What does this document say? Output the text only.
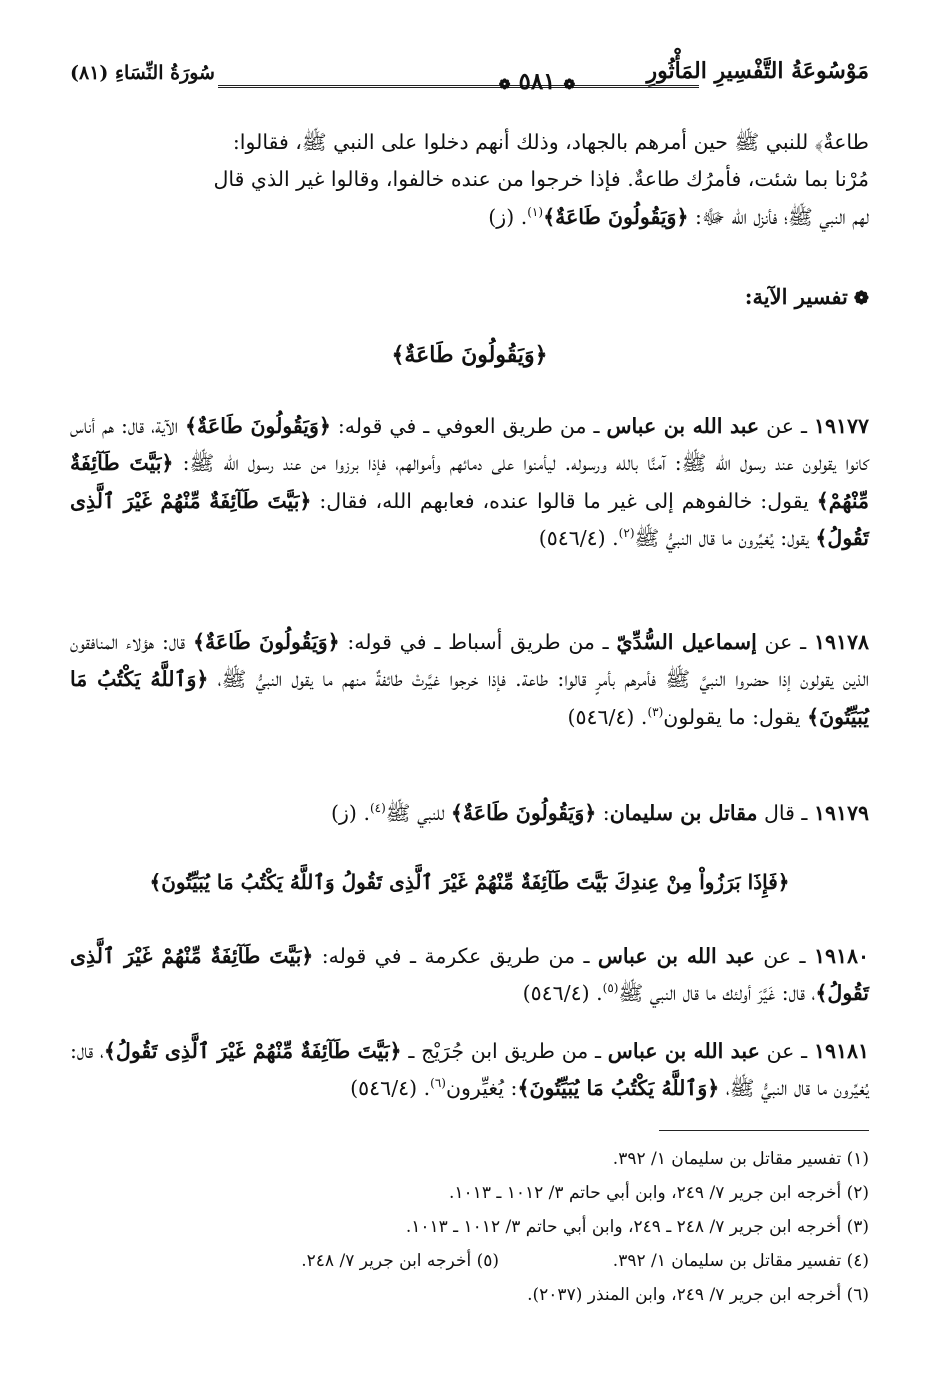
مَوْسُوعَةُ التَّفْسِيرِ المَأْثُورِ
❁ ٥٨١ ❁
سُورَةُ النِّسَاءِ (٨١)

طاعةٌ﴾ للنبي ﷺ حين أمرهم بالجهاد، وذلك أنهم دخلوا على النبي ﷺ، فقالوا:

مُرْنا بما شئت، فأمرُك طاعةٌ. فإذا خرجوا من عنده خالفوا، وقالوا غير الذي قال

لهم النبي ﷺ؛ فأنزل الله ﷻ: ﴿وَيَقُولُونَ طَاعَةٌ﴾$^{(١)}$. (ز)

❁تفسير الآية:
﴿وَيَقُولُونَ طَاعَةٌ﴾

١٩١٧٧ ـ عن عبد الله بن عباس ـ من طريق العوفي ـ في قوله: ﴿وَيَقُولُونَ طَاعَةٌ﴾ الآية، قال: هم أناس كانوا يقولون عند رسول الله ﷺ: آمنَّا بالله ورسوله. ليأمنوا على دمائهم وأموالهم، فإذا برزوا من عند رسول الله ﷺ: ﴿بَيَّتَ طَآئِفَةٌ مِّنْهُمْ﴾ يقول: خالفوهم إلى غير ما قالوا عنده، فعابهم الله، فقال: ﴿بَيَّتَ طَآئِفَةٌ مِّنْهُمْ غَيْرَ ٱلَّذِى تَقُولُ﴾ يقول: يُغيِّرون ما قال النبيُّ ﷺ$^{(٢)}$. (٥٤٦/٤)

١٩١٧٨ ـ عن إسماعيل السُّدِّيّ ـ من طريق أسباط ـ في قوله: ﴿وَيَقُولُونَ طَاعَةٌ﴾ قال: هؤلاء المنافقون الذين يقولون إذا حضروا النبيَّ ﷺ فأمرهم بأمرٍ قالوا: طاعة. فإذا خرجوا غيَّرتْ طائفةٌ منهم ما يقول النبيُّ ﷺ، ﴿وَٱللَّهُ يَكْتُبُ مَا يُبَيِّتُونَ﴾ يقول: ما يقولون$^{(٣)}$. (٥٤٦/٤)

١٩١٧٩ ـ قال مقاتل بن سليمان: ﴿وَيَقُولُونَ طَاعَةٌ﴾ للنبي ﷺ$^{(٤)}$. (ز)

﴿فَإِذَا بَرَزُواْ مِنْ عِندِكَ بَيَّتَ طَآئِفَةٌ مِّنْهُمْ غَيْرَ ٱلَّذِى تَقُولُ وَٱللَّهُ يَكْتُبُ مَا يُبَيِّتُونَ﴾

١٩١٨٠ ـ عن عبد الله بن عباس ـ من طريق عكرمة ـ في قوله: ﴿بَيَّتَ طَآئِفَةٌ مِّنْهُمْ غَيْرَ ٱلَّذِى تَقُولُ﴾، قال: غَيَّرَ أولئك ما قال النبي ﷺ$^{(٥)}$. (٥٤٦/٤)

١٩١٨١ ـ عن عبد الله بن عباس ـ من طريق ابن جُرَيْج ـ ﴿بَيَّتَ طَآئِفَةٌ مِّنْهُمْ غَيْرَ ٱلَّذِى تَقُولُ﴾، قال: يُغيِّرون ما قال النبيُّ ﷺ، ﴿وَٱللَّهُ يَكْتُبُ مَا يُبَيِّتُونَ﴾: يُغيِّرون$^{(٦)}$. (٥٤٦/٤)

(١) تفسير مقاتل بن سليمان ١/ ٣٩٢.
(٢) أخرجه ابن جرير ٧/ ٢٤٩، وابن أبي حاتم ٣/ ١٠١٢ ـ ١٠١٣.
(٣) أخرجه ابن جرير ٧/ ٢٤٨ ـ ٢٤٩، وابن أبي حاتم ٣/ ١٠١٢ ـ ١٠١٣.
(٤) تفسير مقاتل بن سليمان ١/ ٣٩٢.
(٥) أخرجه ابن جرير ٧/ ٢٤٨.
(٦) أخرجه ابن جرير ٧/ ٢٤٩، وابن المنذر (٢٠٣٧).
